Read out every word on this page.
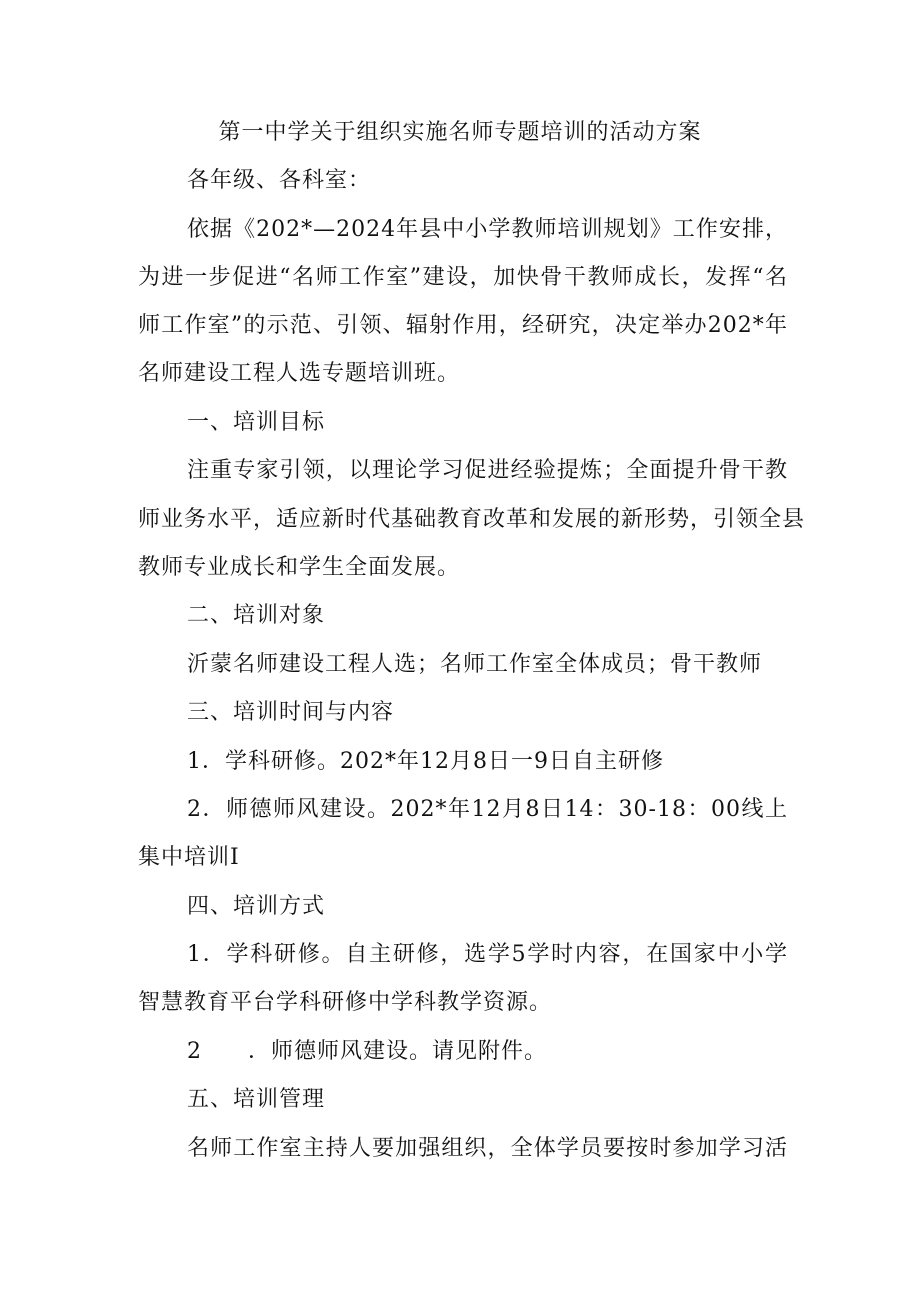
第一中学关于组织实施名师专题培训的活动方案
各年级、各科室：
依据《202*—2024年县中小学教师培训规划》工作安排，
为进一步促进“名师工作室”建设，加快骨干教师成长，发挥“名
师工作室”的示范、引领、辐射作用，经研究，决定举办202*年
名师建设工程人选专题培训班。
一、培训目标
注重专家引领，以理论学习促进经验提炼；全面提升骨干教
师业务水平，适应新时代基础教育改革和发展的新形势，引领全县
教师专业成长和学生全面发展。
二、培训对象
沂蒙名师建设工程人选；名师工作室全体成员；骨干教师
三、培训时间与内容
1．学科研修。202*年12月8日一9日自主研修
2．师德师风建设。202*年12月8日14：30-18：00线上
集中培训Ⅰ
四、培训方式
1．学科研修。自主研修，选学5学时内容，在国家中小学
智慧教育平台学科研修中学科教学资源。
2　　．师德师风建设。请见附件。
五、培训管理
名师工作室主持人要加强组织，全体学员要按时参加学习活
